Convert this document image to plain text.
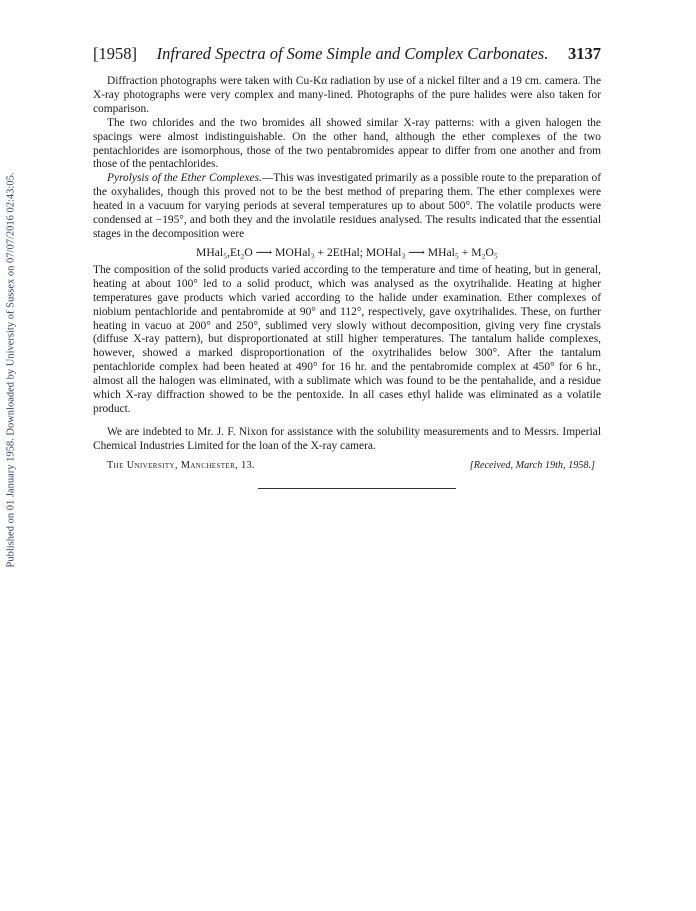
Published on 01 January 1958. Downloaded by University of Sussex on 07/07/2016 02:43:05.
[1958] Infrared Spectra of Some Simple and Complex Carbonates. 3137

Diffraction photographs were taken with Cu-Kα radiation by use of a nickel filter and a 19 cm. camera. The X-ray photographs were very complex and many-lined. Photographs of the pure halides were also taken for comparison.

The two chlorides and the two bromides all showed similar X-ray patterns: with a given halogen the spacings were almost indistinguishable. On the other hand, although the ether complexes of the two pentachlorides are isomorphous, those of the two pentabromides appear to differ from one another and from those of the pentachlorides.

Pyrolysis of the Ether Complexes.—This was investigated primarily as a possible route to the preparation of the oxyhalides, though this proved not to be the best method of preparing them. The ether complexes were heated in a vacuum for varying periods at several temperatures up to about 500°. The volatile products were condensed at −195°, and both they and the involatile residues analysed. The results indicated that the essential stages in the decomposition were

MHal₅,Et₂O ⟶ MOHal₃ + 2EtHal; MOHal₃ ⟶ MHal₅ + M₂O₅

The composition of the solid products varied according to the temperature and time of heating, but in general, heating at about 100° led to a solid product, which was analysed as the oxytrihalide. Heating at higher temperatures gave products which varied according to the halide under examination. Ether complexes of niobium pentachloride and pentabromide at 90° and 112°, respectively, gave oxytrihalides. These, on further heating in vacuo at 200° and 250°, sublimed very slowly without decomposition, giving very fine crystals (diffuse X-ray pattern), but disproportionated at still higher temperatures. The tantalum halide complexes, however, showed a marked disproportionation of the oxytrihalides below 300°. After the tantalum pentachloride complex had been heated at 490° for 16 hr. and the pentabromide complex at 450° for 6 hr., almost all the halogen was eliminated, with a sublimate which was found to be the pentahalide, and a residue which X-ray diffraction showed to be the pentoxide. In all cases ethyl halide was eliminated as a volatile product.

We are indebted to Mr. J. F. Nixon for assistance with the solubility measurements and to Messrs. Imperial Chemical Industries Limited for the loan of the X-ray camera.

The University, Manchester, 13.	[Received, March 19th, 1958.]
